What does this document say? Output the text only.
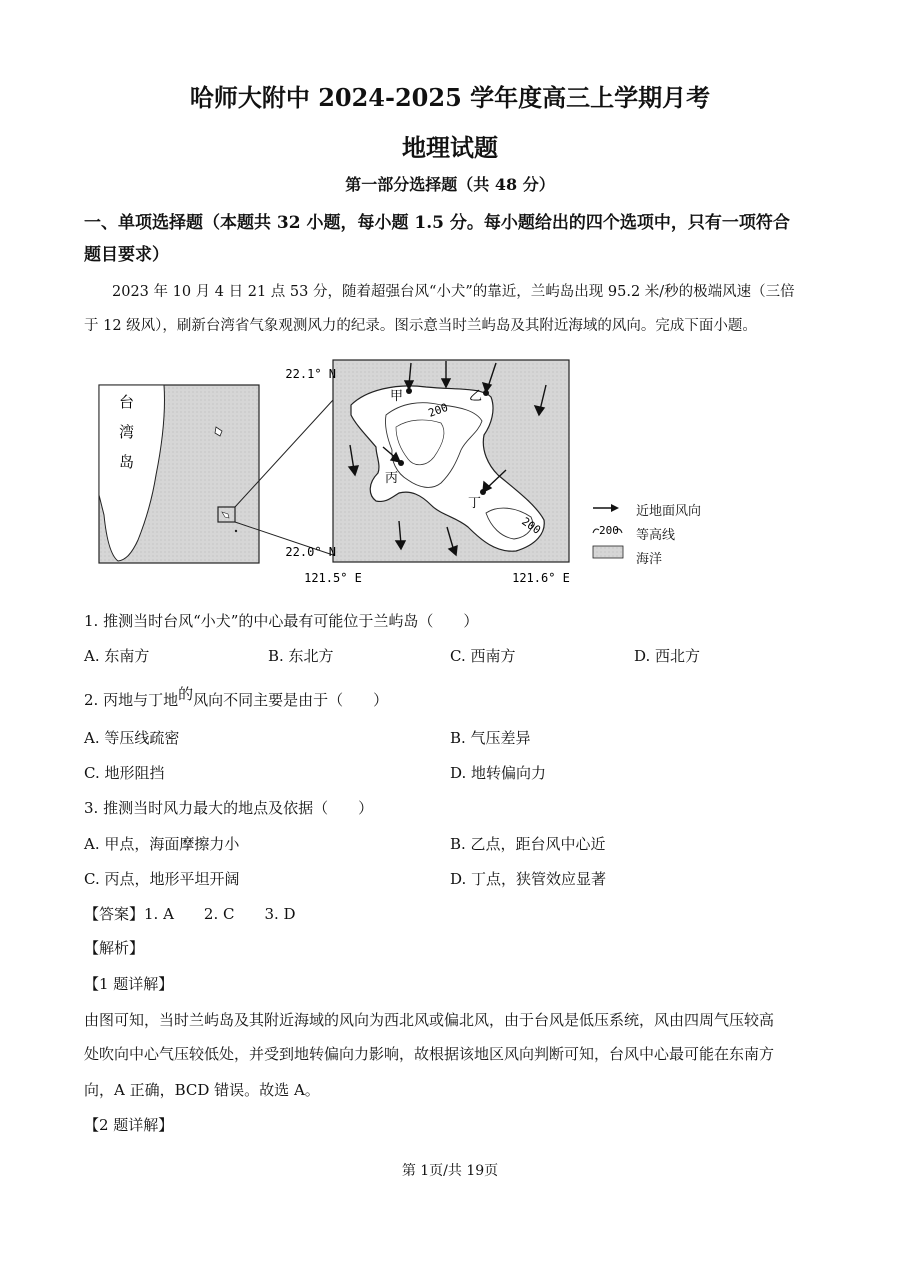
哈师大附中 2024-2025 学年度高三上学期月考
地理试题
第一部分选择题（共 48 分）
一、单项选择题（本题共 32 小题，每小题 1.5 分。每小题给出的四个选项中，只有一项符合
题目要求）
2023 年 10 月 4 日 21 点 53 分，随着超强台风“小犬”的靠近，兰屿岛出现 95.2 米/秒的极端风速（三倍
于 12 级风），刷新台湾省气象观测风力的纪录。图示意当时兰屿岛及其附近海域的风向。完成下面小题。
台
湾
岛
22.1° N
22.0° N
121.5° E	121.6° E
200
200
甲	乙
丙
丁
200
近地面风向
等高线
海洋
1. 推测当时台风“小犬”的中心最有可能位于兰屿岛（　　）
A. 东南方	B. 东北方	C. 西南方	D. 西北方
2. 丙地与丁地的风向不同主要是由于（　　）
A. 等压线疏密	B. 气压差异
C. 地形阻挡	D. 地转偏向力
3. 推测当时风力最大的地点及依据（　　）
A. 甲点，海面摩擦力小	B. 乙点，距台风中心近
C. 丙点，地形平坦开阔	D. 丁点，狭管效应显著
【答案】1. A　　2. C　　3. D
【解析】
【1 题详解】
由图可知，当时兰屿岛及其附近海域的风向为西北风或偏北风，由于台风是低压系统，风由四周气压较高
处吹向中心气压较低处，并受到地转偏向力影响，故根据该地区风向判断可知，台风中心最可能在东南方
向，A 正确，BCD 错误。故选 A。
【2 题详解】
第 1页/共 19页
